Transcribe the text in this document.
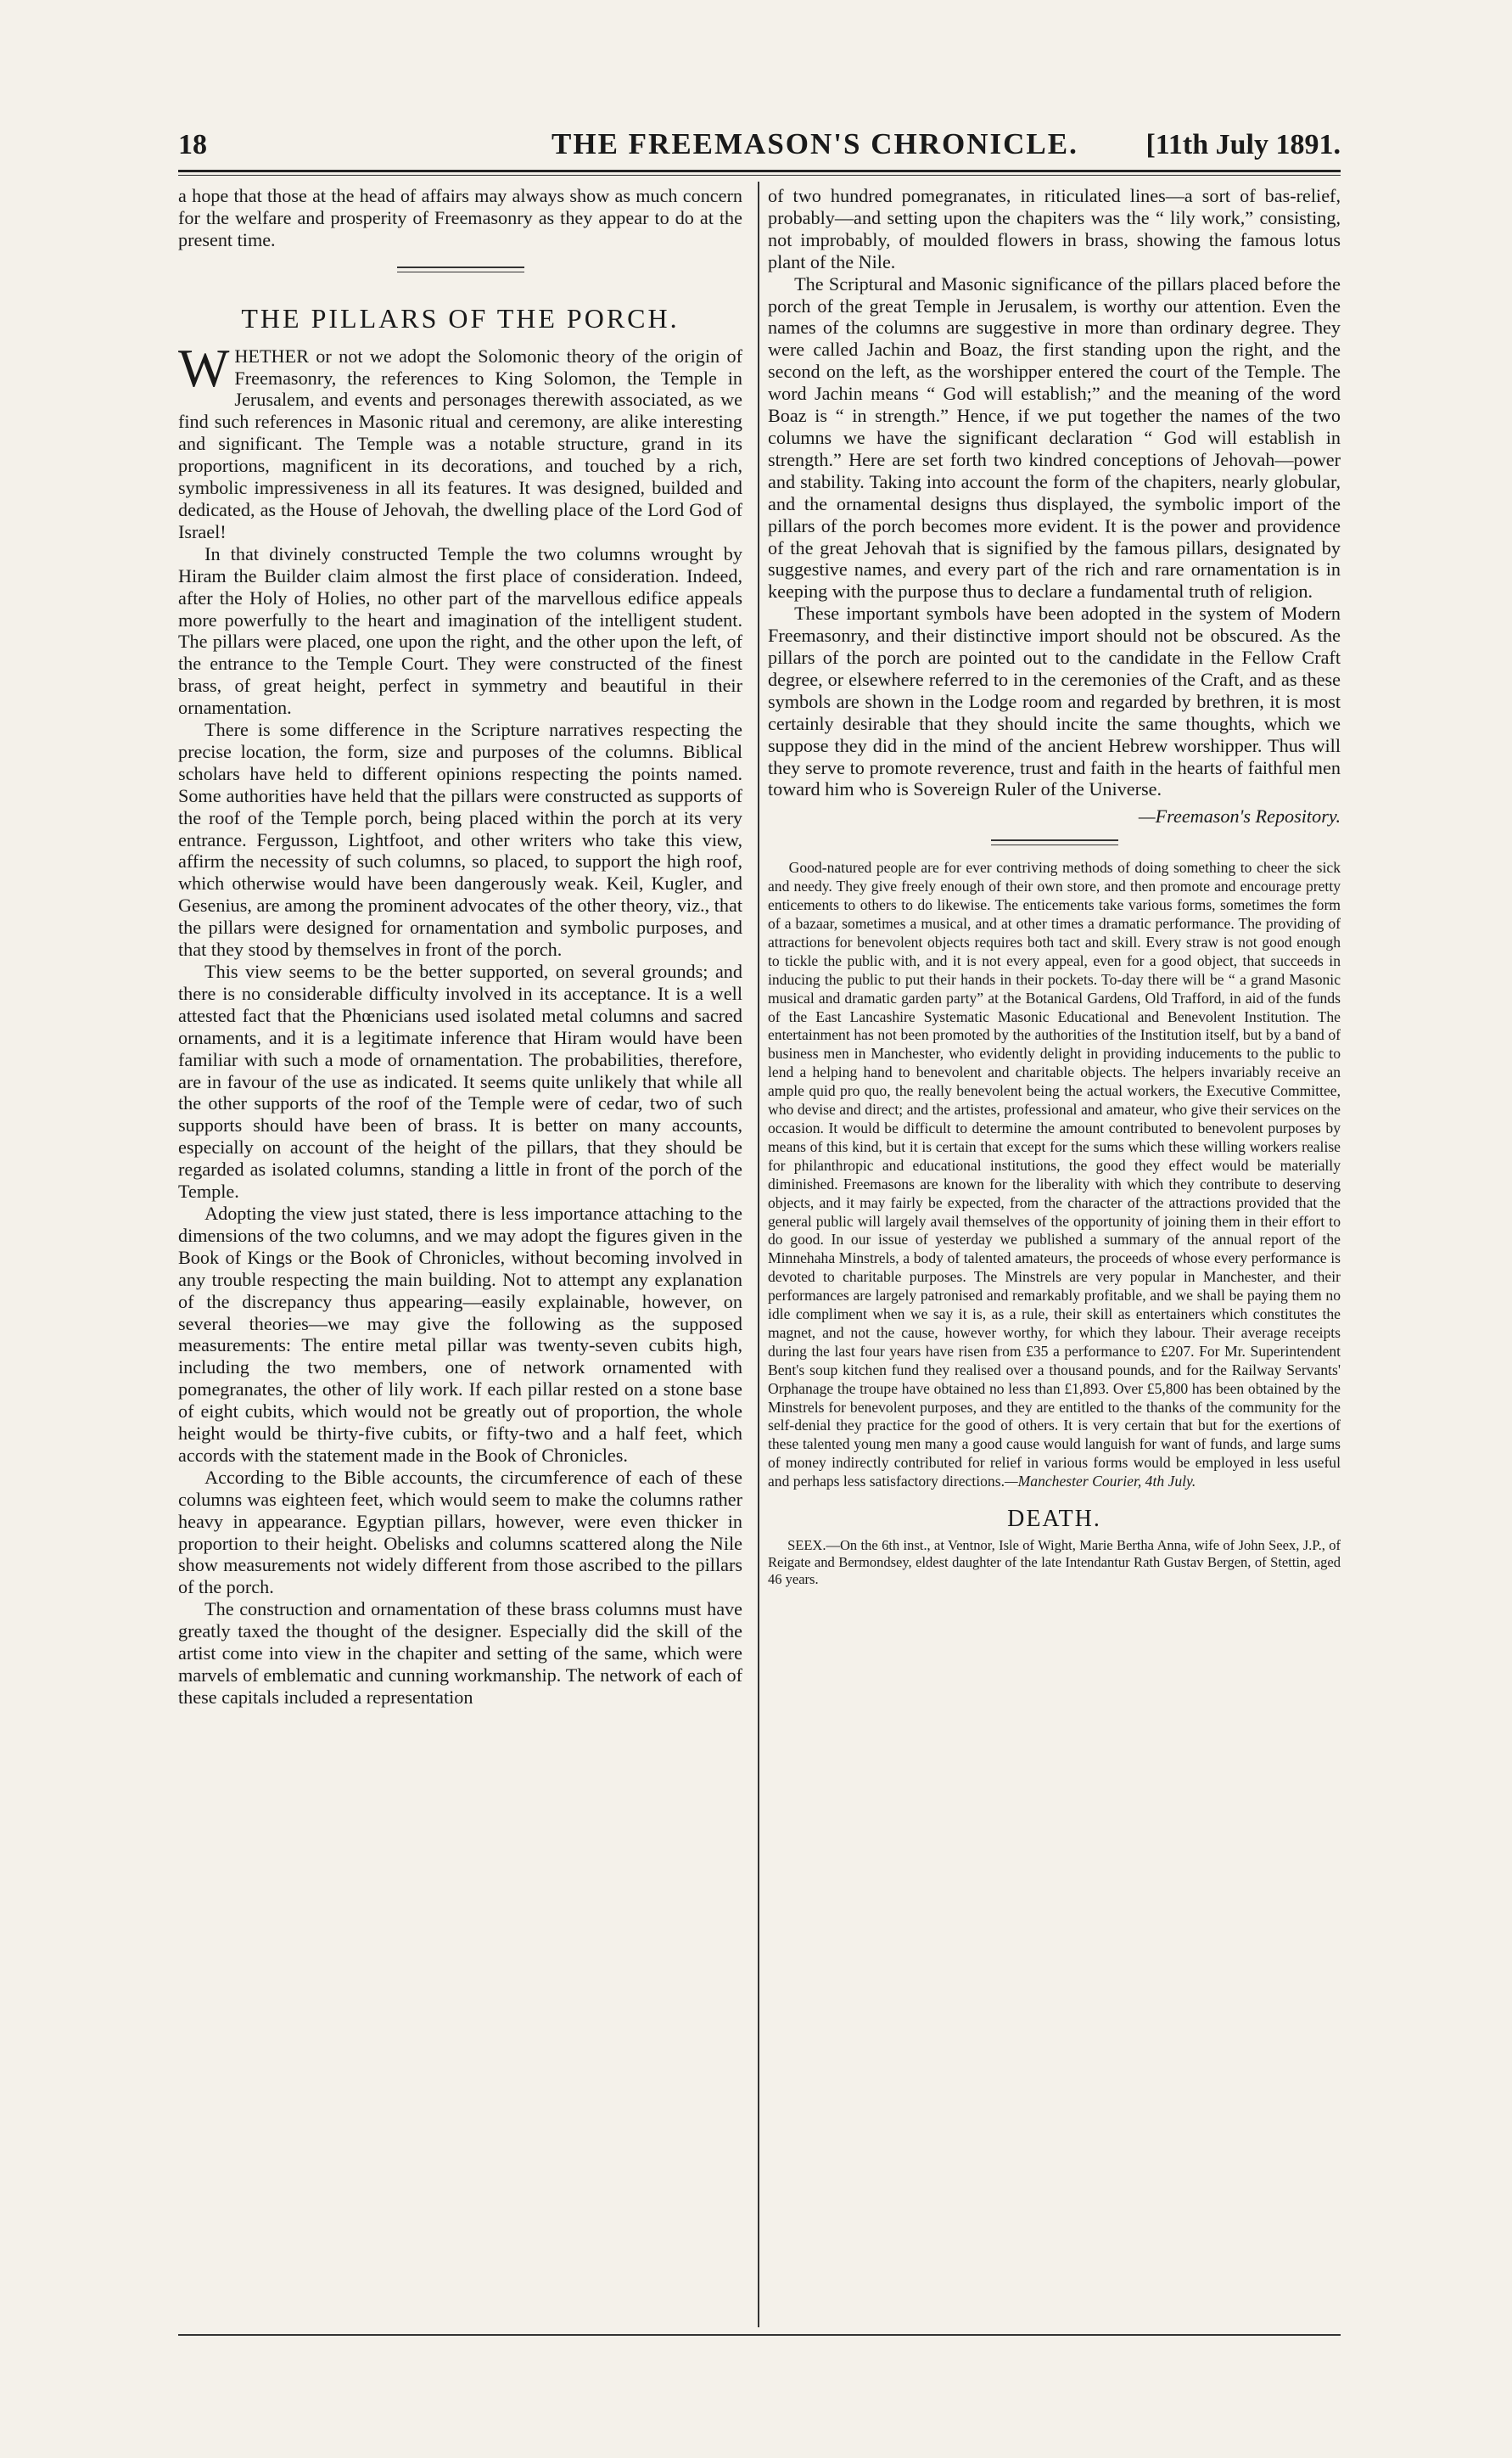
18	THE FREEMASON'S CHRONICLE. [11th July 1891.

a hope that those at the head of affairs may always show as much concern for the welfare and prosperity of Freemasonry as they appear to do at the present time.

THE PILLARS OF THE PORCH.

WHETHER or not we adopt the Solomonic theory of the origin of Freemasonry, the references to King Solomon, the Temple in Jerusalem, and events and personages therewith associated, as we find such references in Masonic ritual and ceremony, are alike interesting and significant. The Temple was a notable structure, grand in its proportions, magnificent in its decorations, and touched by a rich, symbolic impressiveness in all its features. It was designed, builded and dedicated, as the House of Jehovah, the dwelling place of the Lord God of Israel!

In that divinely constructed Temple the two columns wrought by Hiram the Builder claim almost the first place of consideration. Indeed, after the Holy of Holies, no other part of the marvellous edifice appeals more powerfully to the heart and imagination of the intelligent student. The pillars were placed, one upon the right, and the other upon the left, of the entrance to the Temple Court. They were constructed of the finest brass, of great height, perfect in symmetry and beautiful in their ornamentation.

There is some difference in the Scripture narratives respecting the precise location, the form, size and purposes of the columns. Biblical scholars have held to different opinions respecting the points named. Some authorities have held that the pillars were constructed as supports of the roof of the Temple porch, being placed within the porch at its very entrance. Fergusson, Lightfoot, and other writers who take this view, affirm the necessity of such columns, so placed, to support the high roof, which otherwise would have been dangerously weak. Keil, Kugler, and Gesenius, are among the prominent advocates of the other theory, viz., that the pillars were designed for ornamentation and symbolic purposes, and that they stood by themselves in front of the porch.

This view seems to be the better supported, on several grounds; and there is no considerable difficulty involved in its acceptance. It is a well attested fact that the Phœnicians used isolated metal columns and sacred ornaments, and it is a legitimate inference that Hiram would have been familiar with such a mode of ornamentation. The probabilities, therefore, are in favour of the use as indicated. It seems quite unlikely that while all the other supports of the roof of the Temple were of cedar, two of such supports should have been of brass. It is better on many accounts, especially on account of the height of the pillars, that they should be regarded as isolated columns, standing a little in front of the porch of the Temple.

Adopting the view just stated, there is less importance attaching to the dimensions of the two columns, and we may adopt the figures given in the Book of Kings or the Book of Chronicles, without becoming involved in any trouble respecting the main building. Not to attempt any explanation of the discrepancy thus appearing—easily explainable, however, on several theories—we may give the following as the supposed measurements: The entire metal pillar was twenty-seven cubits high, including the two members, one of network ornamented with pomegranates, the other of lily work. If each pillar rested on a stone base of eight cubits, which would not be greatly out of proportion, the whole height would be thirty-five cubits, or fifty-two and a half feet, which accords with the statement made in the Book of Chronicles.

According to the Bible accounts, the circumference of each of these columns was eighteen feet, which would seem to make the columns rather heavy in appearance. Egyptian pillars, however, were even thicker in proportion to their height. Obelisks and columns scattered along the Nile show measurements not widely different from those ascribed to the pillars of the porch.

The construction and ornamentation of these brass columns must have greatly taxed the thought of the designer. Especially did the skill of the artist come into view in the chapiter and setting of the same, which were marvels of emblematic and cunning workmanship. The network of each of these capitals included a representation

of two hundred pomegranates, in riticulated lines—a sort of bas-relief, probably—and setting upon the chapiters was the “ lily work,” consisting, not improbably, of moulded flowers in brass, showing the famous lotus plant of the Nile.

The Scriptural and Masonic significance of the pillars placed before the porch of the great Temple in Jerusalem, is worthy our attention. Even the names of the columns are suggestive in more than ordinary degree. They were called Jachin and Boaz, the first standing upon the right, and the second on the left, as the worshipper entered the court of the Temple. The word Jachin means “ God will establish;” and the meaning of the word Boaz is “ in strength.” Hence, if we put together the names of the two columns we have the significant declaration “ God will establish in strength.” Here are set forth two kindred conceptions of Jehovah—power and stability. Taking into account the form of the chapiters, nearly globular, and the ornamental designs thus displayed, the symbolic import of the pillars of the porch becomes more evident. It is the power and providence of the great Jehovah that is signified by the famous pillars, designated by suggestive names, and every part of the rich and rare ornamentation is in keeping with the purpose thus to declare a fundamental truth of religion.

These important symbols have been adopted in the system of Modern Freemasonry, and their distinctive import should not be obscured. As the pillars of the porch are pointed out to the candidate in the Fellow Craft degree, or elsewhere referred to in the ceremonies of the Craft, and as these symbols are shown in the Lodge room and regarded by brethren, it is most certainly desirable that they should incite the same thoughts, which we suppose they did in the mind of the ancient Hebrew worshipper. Thus will they serve to promote reverence, trust and faith in the hearts of faithful men toward him who is Sovereign Ruler of the Universe.

—Freemason's Repository.

Good-natured people are for ever contriving methods of doing something to cheer the sick and needy. They give freely enough of their own store, and then promote and encourage pretty enticements to others to do likewise. The enticements take various forms, sometimes the form of a bazaar, sometimes a musical, and at other times a dramatic performance. The providing of attractions for benevolent objects requires both tact and skill. Every straw is not good enough to tickle the public with, and it is not every appeal, even for a good object, that succeeds in inducing the public to put their hands in their pockets. To-day there will be “ a grand Masonic musical and dramatic garden party” at the Botanical Gardens, Old Trafford, in aid of the funds of the East Lancashire Systematic Masonic Educational and Benevolent Institution. The entertainment has not been promoted by the authorities of the Institution itself, but by a band of business men in Manchester, who evidently delight in providing inducements to the public to lend a helping hand to benevolent and charitable objects. The helpers invariably receive an ample quid pro quo, the really benevolent being the actual workers, the Executive Committee, who devise and direct; and the artistes, professional and amateur, who give their services on the occasion. It would be difficult to determine the amount contributed to benevolent purposes by means of this kind, but it is certain that except for the sums which these willing workers realise for philanthropic and educational institutions, the good they effect would be materially diminished. Freemasons are known for the liberality with which they contribute to deserving objects, and it may fairly be expected, from the character of the attractions provided that the general public will largely avail themselves of the opportunity of joining them in their effort to do good. In our issue of yesterday we published a summary of the annual report of the Minnehaha Minstrels, a body of talented amateurs, the proceeds of whose every performance is devoted to charitable purposes. The Minstrels are very popular in Manchester, and their performances are largely patronised and remarkably profitable, and we shall be paying them no idle compliment when we say it is, as a rule, their skill as entertainers which constitutes the magnet, and not the cause, however worthy, for which they labour. Their average receipts during the last four years have risen from £35 a performance to £207. For Mr. Superintendent Bent's soup kitchen fund they realised over a thousand pounds, and for the Railway Servants' Orphanage the troupe have obtained no less than £1,893. Over £5,800 has been obtained by the Minstrels for benevolent purposes, and they are entitled to the thanks of the community for the self-denial they practice for the good of others. It is very certain that but for the exertions of these talented young men many a good cause would languish for want of funds, and large sums of money indirectly contributed for relief in various forms would be employed in less useful and perhaps less satisfactory directions.—Manchester Courier, 4th July.

DEATH.

SEEX.—On the 6th inst., at Ventnor, Isle of Wight, Marie Bertha Anna, wife of John Seex, J.P., of Reigate and Bermondsey, eldest daughter of the late Intendantur Rath Gustav Bergen, of Stettin, aged 46 years.
